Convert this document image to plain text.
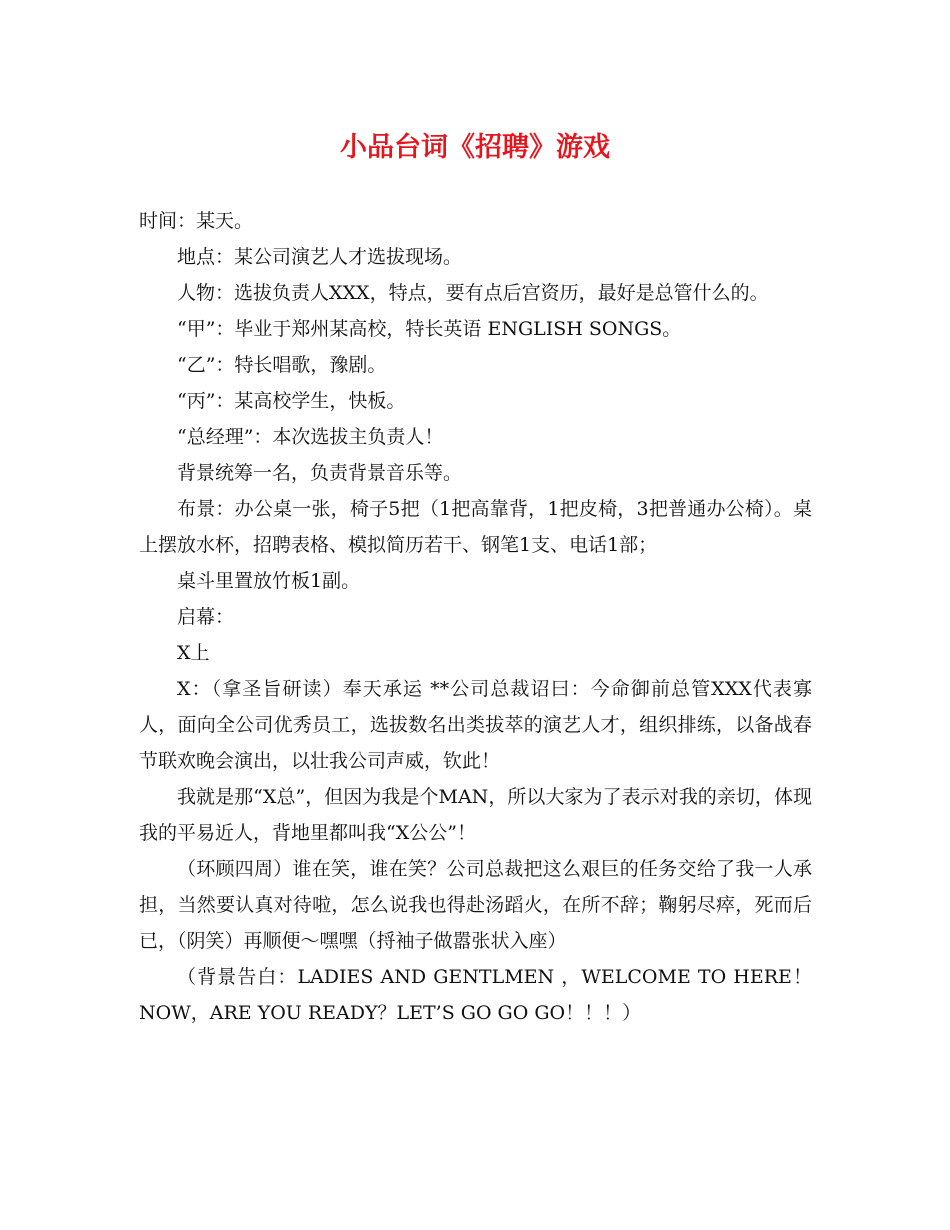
小品台词《招聘》游戏

时间：某天。

地点：某公司演艺人才选拔现场。

人物：选拔负责人XXX，特点，要有点后宫资历，最好是总管什么的。

“甲”：毕业于郑州某高校，特长英语 ENGLISH SONGS。

“乙”：特长唱歌，豫剧。

“丙”：某高校学生，快板。

“总经理”：本次选拔主负责人！

背景统筹一名，负责背景音乐等。

布景：办公桌一张，椅子5把（1把高靠背，1把皮椅，3把普通办公椅）。桌上摆放水杯，招聘表格、模拟简历若干、钢笔1支、电话1部；

桌斗里置放竹板1副。

启幕：

X上

X：（拿圣旨研读）奉天承运 **公司总裁诏曰：今命御前总管XXX代表寡人，面向全公司优秀员工，选拔数名出类拔萃的演艺人才，组织排练，以备战春节联欢晚会演出，以壮我公司声威，钦此！

我就是那“X总”，但因为我是个MAN，所以大家为了表示对我的亲切，体现我的平易近人，背地里都叫我“X公公”！

（环顾四周）谁在笑，谁在笑？公司总裁把这么艰巨的任务交给了我一人承担，当然要认真对待啦，怎么说我也得赴汤蹈火，在所不辞；鞠躬尽瘁，死而后已，（阴笑）再顺便～嘿嘿（捋袖子做嚣张状入座）

（背景告白：LADIES AND GENTLMEN ，WELCOME TO HERE！NOW，ARE YOU READY？LET’S GO GO GO！！！）
